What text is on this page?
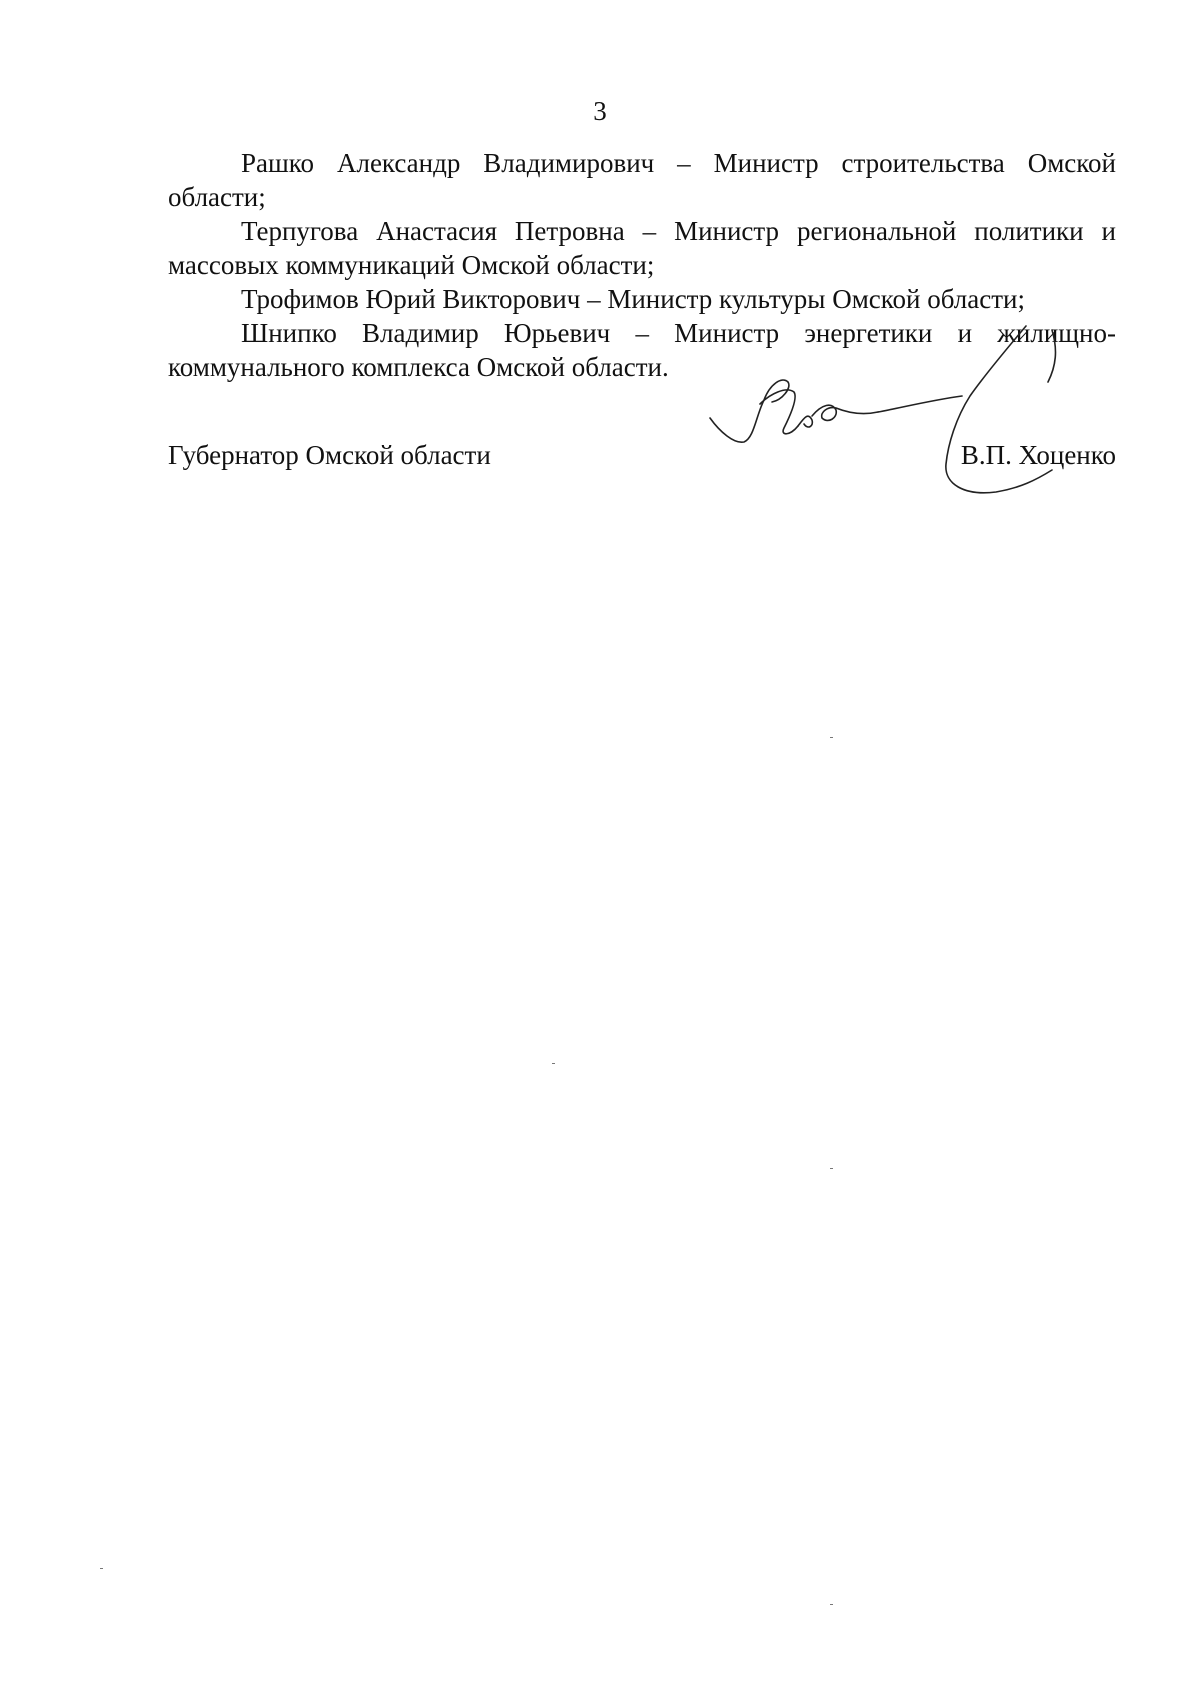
3

Рашко Александр Владимирович – Министр строительства Омской области;

Терпугова Анастасия Петровна – Министр региональной политики и массовых коммуникаций Омской области;

Трофимов Юрий Викторович – Министр культуры Омской области;

Шнипко Владимир Юрьевич – Министр энергетики и жилищно-коммунального комплекса Омской области.

Губернатор Омской области	В.П. Хоценко
